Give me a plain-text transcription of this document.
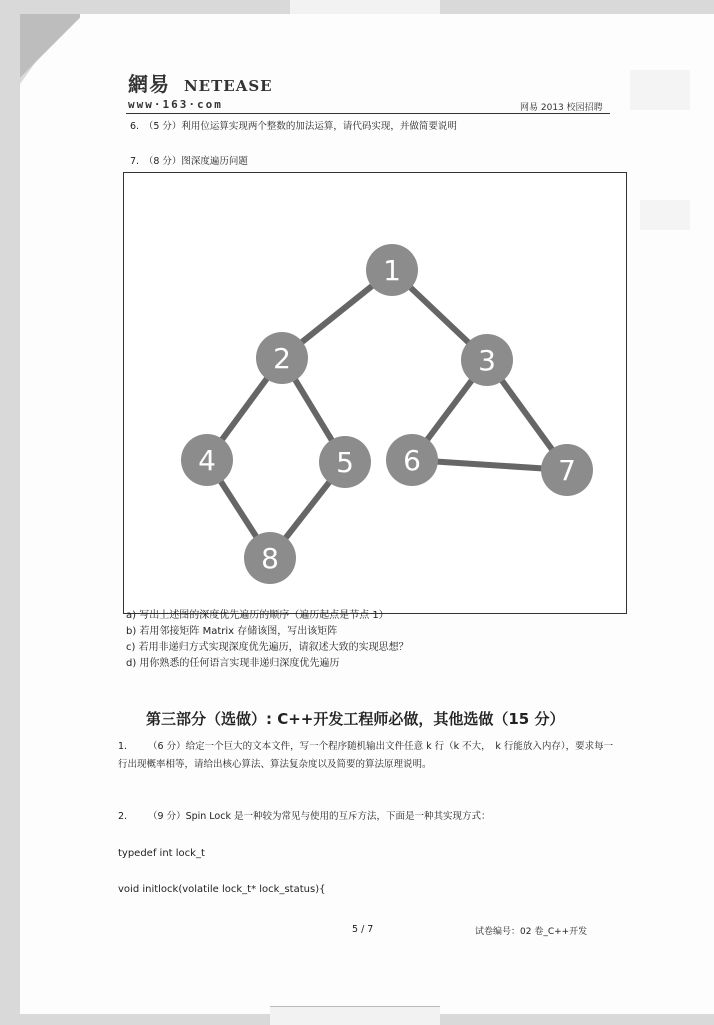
網易 NETEASE
www·163·com	网易 2013 校园招聘
6.　（5 分）利用位运算实现两个整数的加法运算，请代码实现，并做简要说明
7.　（8 分）图深度遍历问题
1
2	3
4	5 6	7
8
a) 写出上述图的深度优先遍历的顺序（遍历起点是节点 1）
b) 若用邻接矩阵 Matrix 存储该图，写出该矩阵
c) 若用非递归方式实现深度优先遍历，请叙述大致的实现思想？
d) 用你熟悉的任何语言实现非递归深度优先遍历
第三部分（选做）: C++开发工程师必做，其他选做（15 分）
1. （6 分）给定一个巨大的文本文件，写一个程序随机输出文件任意 k 行（k 不大，　k 行能放入内存），要求每一行出现概率相等，请给出核心算法、算法复杂度以及简要的算法原理说明。
2. （9 分）Spin Lock 是一种较为常见与使用的互斥方法，下面是一种其实现方式：
typedef int lock_t
void initlock(volatile lock_t* lock_status){
5 / 7	试卷编号：02 卷_C++开发
